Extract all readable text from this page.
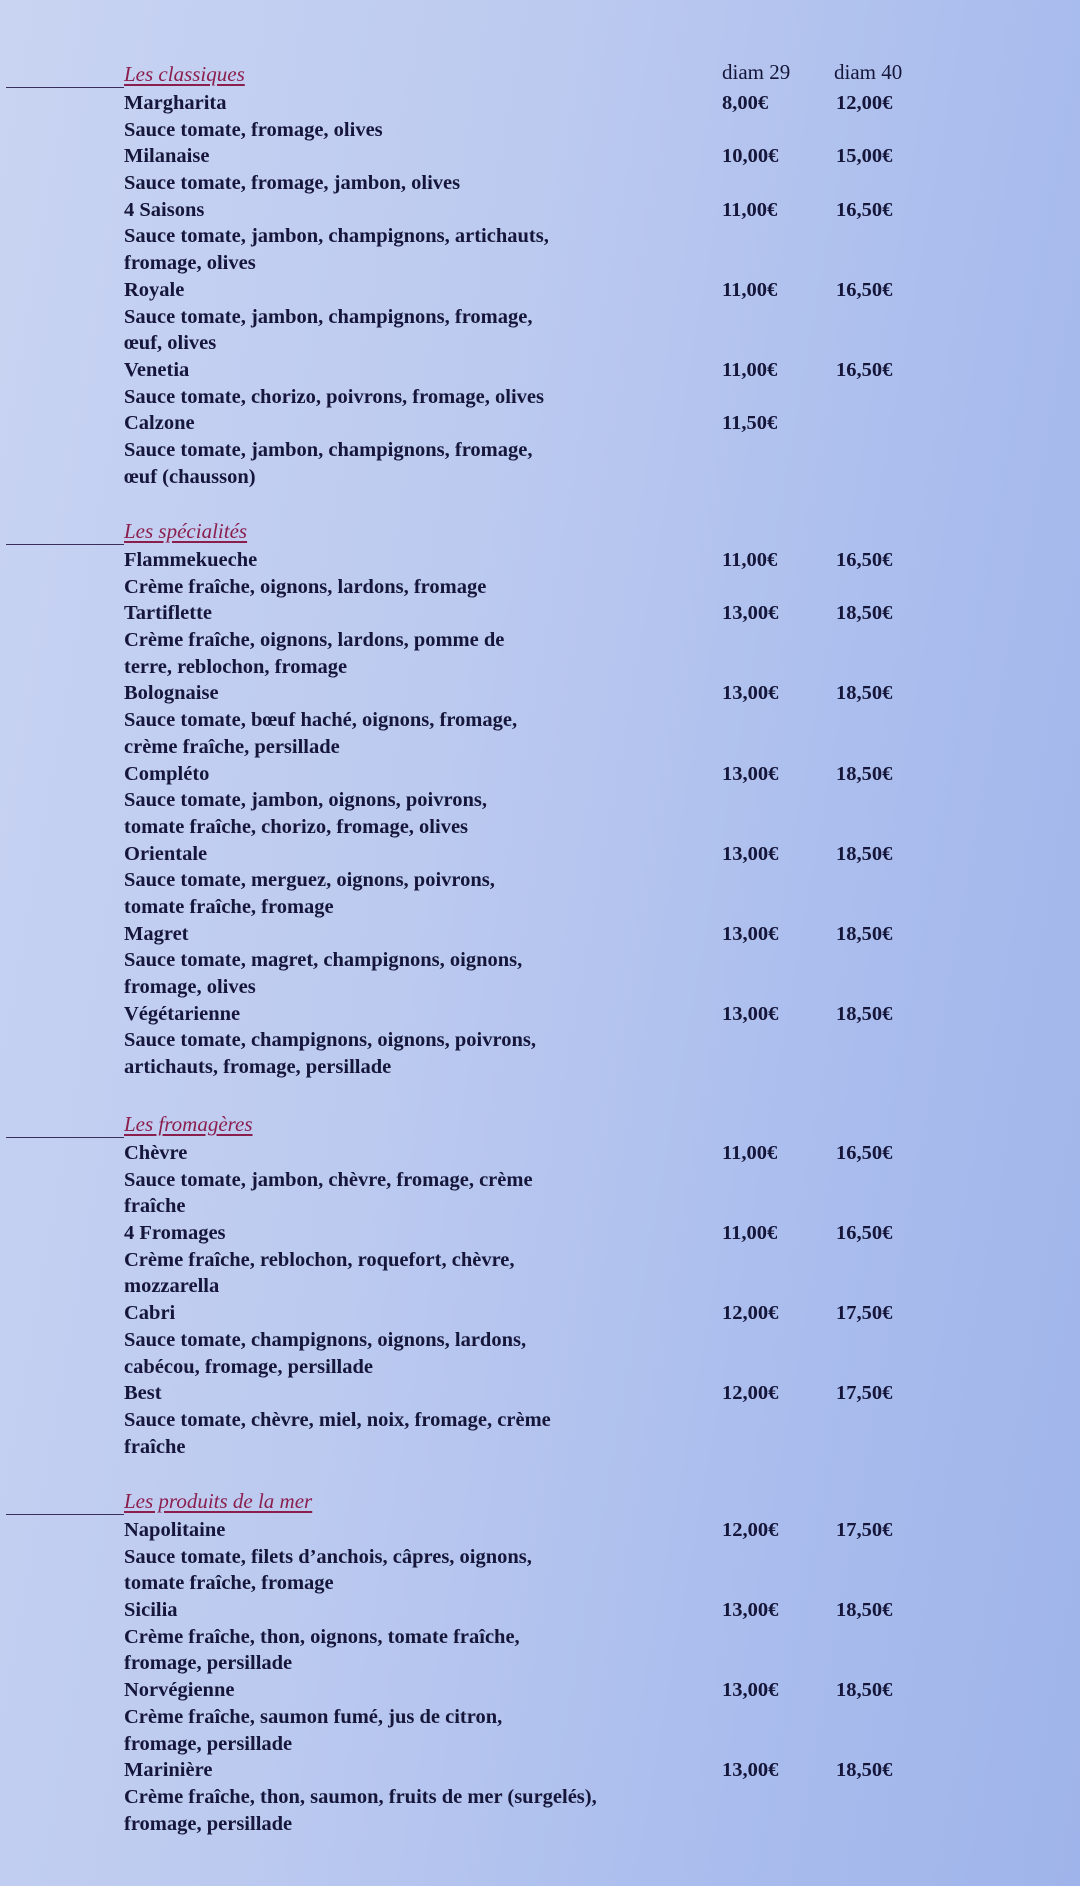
diam 29 diam 40
Les classiques
Margharita	8,00€	12,00€
Sauce tomate, fromage, olives
Milanaise	10,00€	15,00€
Sauce tomate, fromage, jambon, olives
4 Saisons	11,00€	16,50€
Sauce tomate, jambon, champignons, artichauts,
fromage, olives
Royale	11,00€	16,50€
Sauce tomate, jambon, champignons, fromage,
œuf, olives
Venetia	11,00€	16,50€
Sauce tomate, chorizo, poivrons, fromage, olives
Calzone	11,50€
Sauce tomate, jambon, champignons, fromage,
œuf (chausson)
Les spécialités
Flammekueche	11,00€	16,50€
Crème fraîche, oignons, lardons, fromage
Tartiflette	13,00€	18,50€
Crème fraîche, oignons, lardons, pomme de
terre, reblochon, fromage
Bolognaise	13,00€	18,50€
Sauce tomate, bœuf haché, oignons, fromage,
crème fraîche, persillade
Compléto	13,00€	18,50€
Sauce tomate, jambon, oignons, poivrons,
tomate fraîche, chorizo, fromage, olives
Orientale	13,00€	18,50€
Sauce tomate, merguez, oignons, poivrons,
tomate fraîche, fromage
Magret	13,00€	18,50€
Sauce tomate, magret, champignons, oignons,
fromage, olives
Végétarienne	13,00€	18,50€
Sauce tomate, champignons, oignons, poivrons,
artichauts, fromage, persillade
Les fromagères
Chèvre	11,00€	16,50€
Sauce tomate, jambon, chèvre, fromage, crème
fraîche
4 Fromages	11,00€	16,50€
Crème fraîche, reblochon, roquefort, chèvre,
mozzarella
Cabri	12,00€	17,50€
Sauce tomate, champignons, oignons, lardons,
cabécou, fromage, persillade
Best	12,00€	17,50€
Sauce tomate, chèvre, miel, noix, fromage, crème
fraîche
Les produits de la mer
Napolitaine	12,00€	17,50€
Sauce tomate, filets d’anchois, câpres, oignons,
tomate fraîche, fromage
Sicilia	13,00€	18,50€
Crème fraîche, thon, oignons, tomate fraîche,
fromage, persillade
Norvégienne	13,00€	18,50€
Crème fraîche, saumon fumé, jus de citron,
fromage, persillade
Marinière	13,00€	18,50€
Crème fraîche, thon, saumon, fruits de mer (surgelés),
fromage, persillade
